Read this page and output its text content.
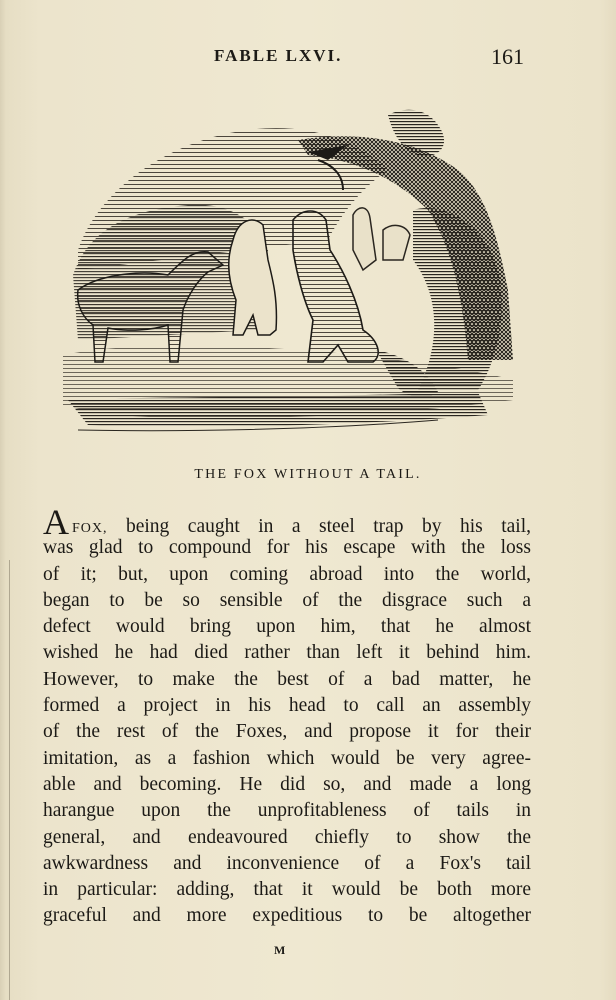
FABLE LXVI.	161
THE FOX WITHOUT A TAIL.
AFOX, being caught in a steel trap by his tail,
was glad to compound for his escape with the loss
of it; but, upon coming abroad into the world,
began to be so sensible of the disgrace such a
defect would bring upon him, that he almost
wished he had died rather than left it behind him.
However, to make the best of a bad matter, he
formed a project in his head to call an assembly
of the rest of the Foxes, and propose it for their
imitation, as a fashion which would be very agree-
able and becoming. He did so, and made a long
harangue upon the unprofitableness of tails in
general, and endeavoured chiefly to show the
awkwardness and inconvenience of a Fox's tail
in particular: adding, that it would be both more
graceful and more expeditious to be altogether
M
